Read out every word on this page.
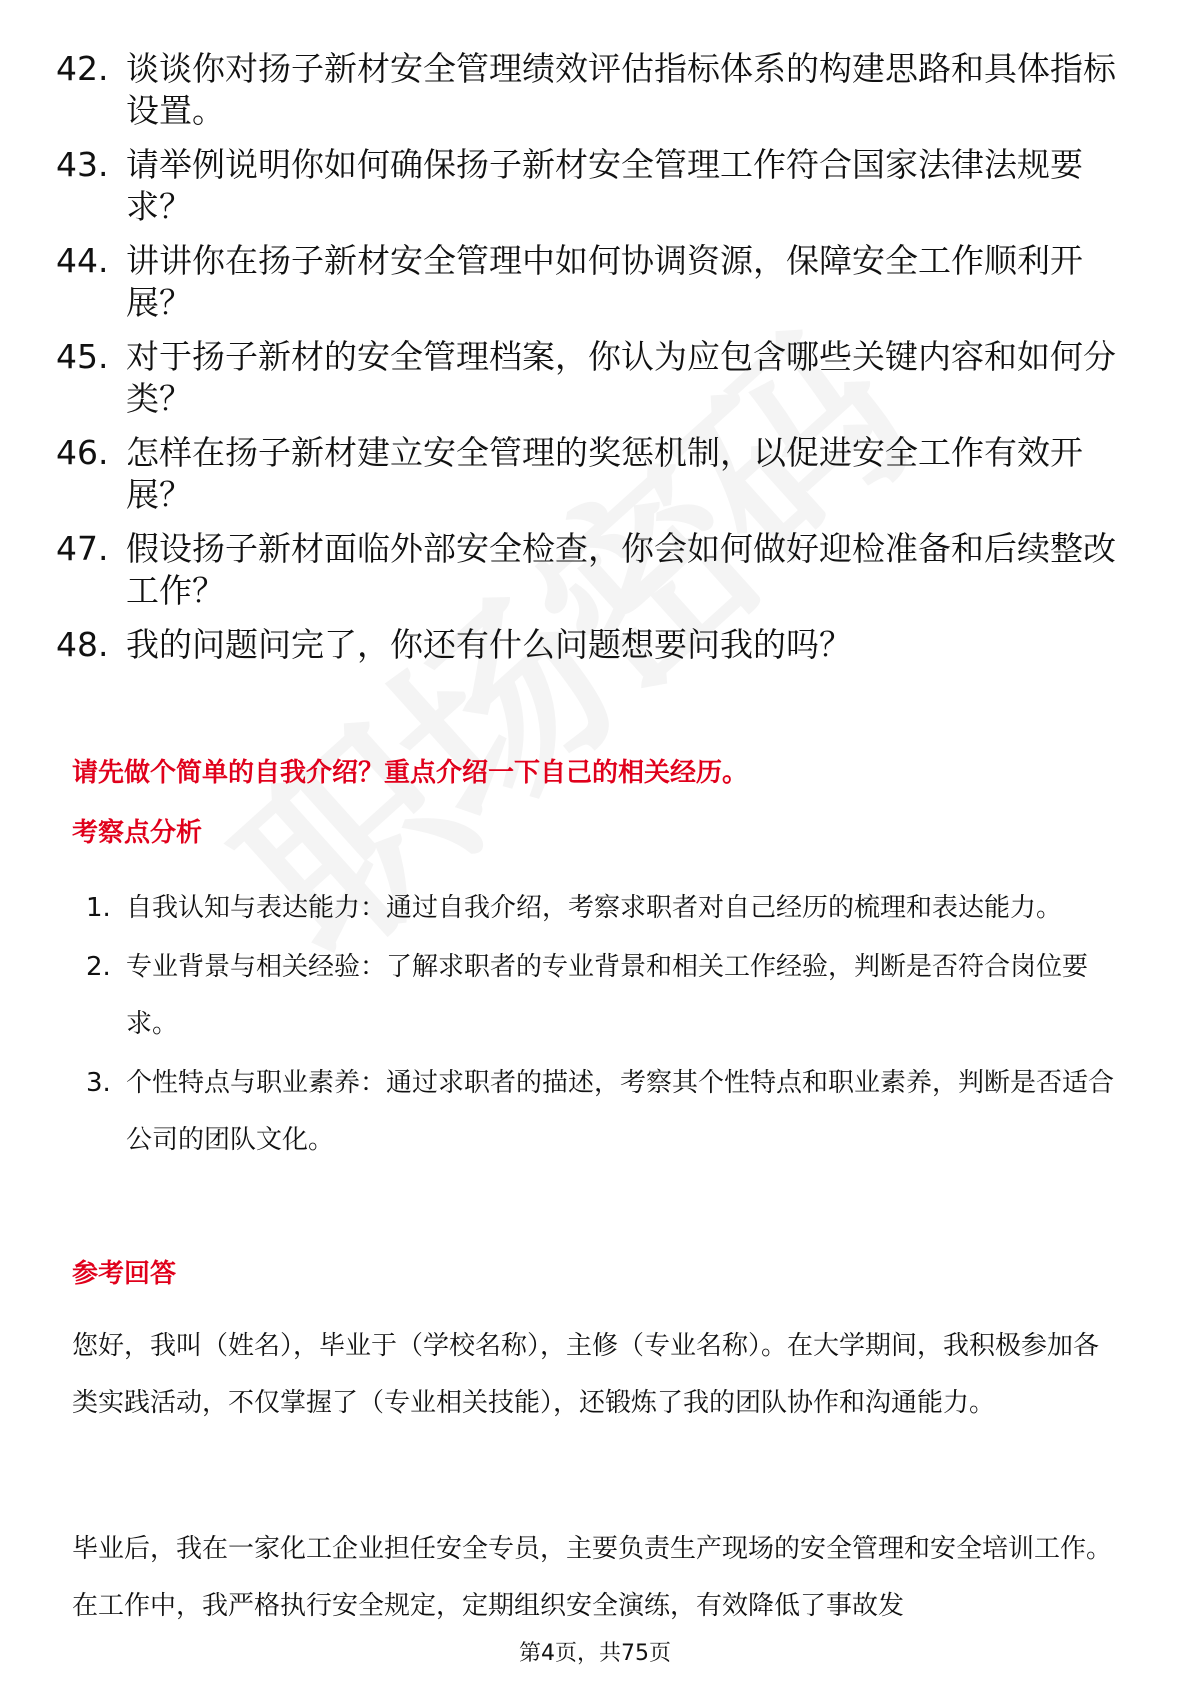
42. 谈谈你对扬子新材安全管理绩效评估指标体系的构建思路和具体指标设置。
43. 请举例说明你如何确保扬子新材安全管理工作符合国家法律法规要求？
44. 讲讲你在扬子新材安全管理中如何协调资源，保障安全工作顺利开展？
45. 对于扬子新材的安全管理档案，你认为应包含哪些关键内容和如何分类？
46. 怎样在扬子新材建立安全管理的奖惩机制，以促进安全工作有效开展？
47. 假设扬子新材面临外部安全检查，你会如何做好迎检准备和后续整改工作？
48. 我的问题问完了，你还有什么问题想要问我的吗？
请先做个简单的自我介绍？重点介绍一下自己的相关经历。
考察点分析
1. 自我认知与表达能力：通过自我介绍，考察求职者对自己经历的梳理和表达能力。
2. 专业背景与相关经验：了解求职者的专业背景和相关工作经验，判断是否符合岗位要求。
3. 个性特点与职业素养：通过求职者的描述，考察其个性特点和职业素养，判断是否适合公司的团队文化。
参考回答
您好，我叫（姓名），毕业于（学校名称），主修（专业名称）。在大学期间，我积极参加各类实践活动，不仅掌握了（专业相关技能），还锻炼了我的团队协作和沟通能力。
毕业后，我在一家化工企业担任安全专员，主要负责生产现场的安全管理和安全培训工作。在工作中，我严格执行安全规定，定期组织安全演练，有效降低了事故发
第4页，共75页
